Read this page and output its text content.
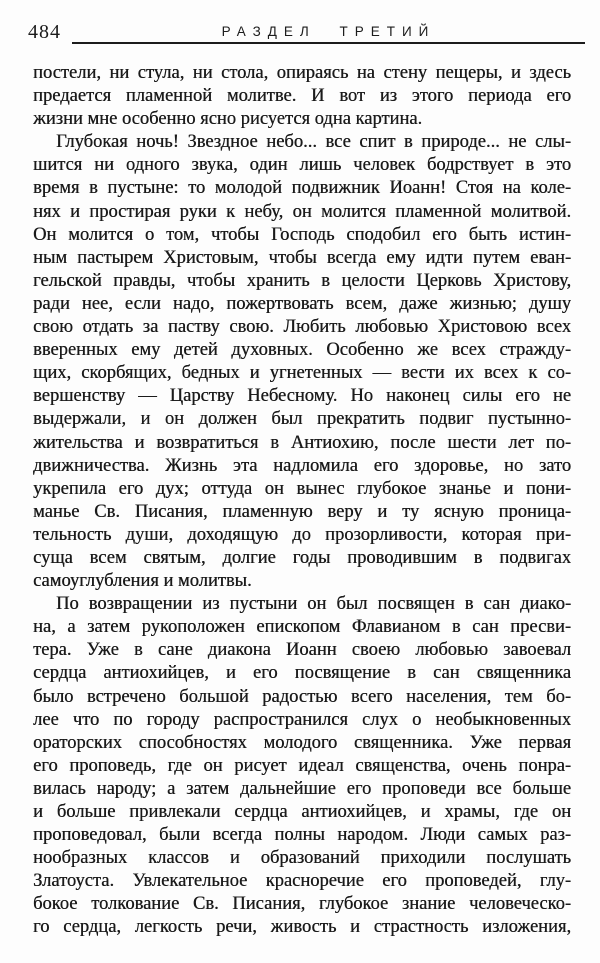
484	РАЗДЕЛ ТРЕТИЙ
постели, ни стула, ни стола, опираясь на стену пещеры, и здесь
предается пламенной молитве. И вот из этого периода его
жизни мне особенно ясно рисуется одна картина.
Глубокая ночь! Звездное небо... все спит в природе... не слы-
шится ни одного звука, один лишь человек бодрствует в это
время в пустыне: то молодой подвижник Иоанн! Стоя на коле-
нях и простирая руки к небу, он молится пламенной молитвой.
Он молится о том, чтобы Господь сподобил его быть истин-
ным пастырем Христовым, чтобы всегда ему идти путем еван-
гельской правды, чтобы хранить в целости Церковь Христову,
ради нее, если надо, пожертвовать всем, даже жизнью; душу
свою отдать за паству свою. Любить любовью Христовою всех
вверенных ему детей духовных. Особенно же всех стражду-
щих, скорбящих, бедных и угнетенных — вести их всех к со-
вершенству — Царству Небесному. Но наконец силы его не
выдержали, и он должен был прекратить подвиг пустынно-
жительства и возвратиться в Антиохию, после шести лет по-
движничества. Жизнь эта надломила его здоровье, но зато
укрепила его дух; оттуда он вынес глубокое знанье и пони-
манье Св. Писания, пламенную веру и ту ясную проница-
тельность души, доходящую до прозорливости, которая при-
суща всем святым, долгие годы проводившим в подвигах
самоуглубления и молитвы.
По возвращении из пустыни он был посвящен в сан диако-
на, а затем рукоположен епископом Флавианом в сан пресви-
тера. Уже в сане диакона Иоанн своею любовью завоевал
сердца антиохийцев, и его посвящение в сан священника
было встречено большой радостью всего населения, тем бо-
лее что по городу распространился слух о необыкновенных
ораторских способностях молодого священника. Уже первая
его проповедь, где он рисует идеал священства, очень понра-
вилась народу; а затем дальнейшие его проповеди все больше
и больше привлекали сердца антиохийцев, и храмы, где он
проповедовал, были всегда полны народом. Люди самых раз-
нообразных классов и образований приходили послушать
Златоуста. Увлекательное красноречие его проповедей, глу-
бокое толкование Св. Писания, глубокое знание человеческо-
го сердца, легкость речи, живость и страстность изложения,
